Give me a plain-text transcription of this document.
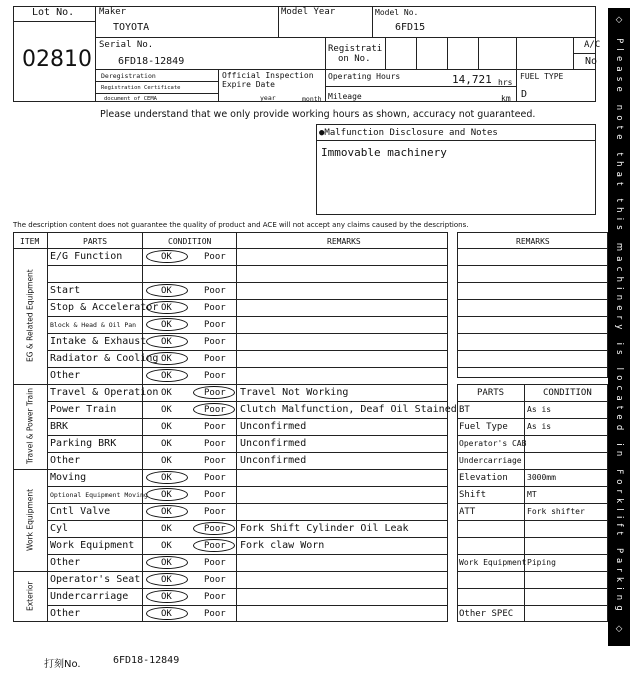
Lot No.
02810
Maker
TOYOTA
Model Year	Model No.
6FD15
Serial No.
6FD18-12849
Registrati
on No.
A/C
No
Deregistration
Registration Certificate
document of CEMA
Official Inspection
Expire Date
year	month
Operating Hours	14,721 hrs
Mileage	km
FUEL TYPE
D
Please understand that we only provide working hours as shown, accuracy not guaranteed.
●Malfunction Disclosure and Notes
Immovable machinery
The description content does not guarantee the quality of product and ACE will not accept any claims caused by the descriptions.
ITEM	PARTS	CONDITION	REMARKS
EG & Related Equipment
E/G Function	OK	Poor
Start	OK	Poor
Stop & Accelerator OK	Poor
Block & Head & Oil Pan	OK	Poor
Intake & Exhaust OK	Poor
Radiator & Cooling OK	Poor
Other	OK	Poor
Travel & Power Train	Travel & Operation OK	Poor Travel Not Working
Power Train	OK	Poor Clutch Malfunction, Deaf Oil Stained
BRK	OK	Poor Unconfirmed
Parking BRK	OK	Poor Unconfirmed
Other	OK	Poor Unconfirmed
Work Equipment
Moving	OK	Poor
Optional Equipment Moving OK	Poor
Cntl Valve	OK	Poor
Cyl	OK	Poor Fork Shift Cylinder Oil Leak
Work Equipment	OK	Poor Fork claw Worn
Other	OK	Poor
Exterior
Operator's Seat OK	Poor
Undercarriage	OK	Poor
Other	OK	Poor
REMARKS
PARTS	CONDITION
BT	As is
Fuel Type As is
Operator's CAB
Undercarriage
Elevation 3000mm
Shift	MT
ATT	Fork shifter
Work Equipment Piping
Other SPEC	◇ Please note that this machinery is located in Forklift Parking ◇
打刻No.	6FD18-12849
